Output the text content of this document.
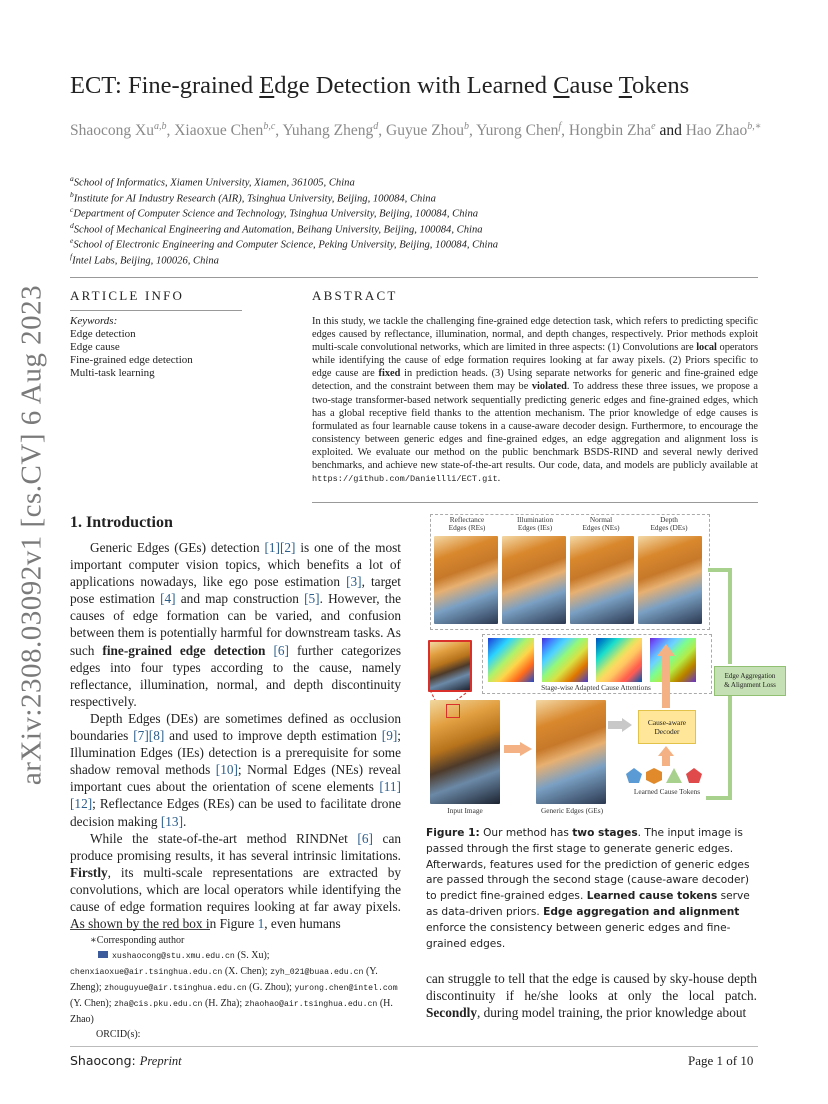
arXiv:2308.03092v1 [cs.CV] 6 Aug 2023
ECT: Fine-grained Edge Detection with Learned Cause Tokens
Shaocong Xu$^{a,b}$, Xiaoxue Chen$^{b,c}$, Yuhang Zheng$^d$, Guyue Zhou$^b$, Yurong Chen$^f$, Hongbin Zha$^e$ and Hao Zhao$^{b,∗}$
$^a$School of Informatics, Xiamen University, Xiamen, 361005, China
$^b$Institute for AI Industry Research (AIR), Tsinghua University, Beijing, 100084, China
$^c$Department of Computer Science and Technology, Tsinghua University, Beijing, 100084, China
$^d$School of Mechanical Engineering and Automation, Beihang University, Beijing, 100084, China
$^e$School of Electronic Engineering and Computer Science, Peking University, Beijing, 100084, China
$^f$Intel Labs, Beijing, 100026, China
ARTICLE INFO
Keywords:
Edge detection
Edge cause
Fine-grained edge detection
Multi-task learning
ABSTRACT
In this study, we tackle the challenging fine-grained edge detection task, which refers to predicting specific edges caused by reflectance, illumination, normal, and depth changes, respectively. Prior methods exploit multi-scale convolutional networks, which are limited in three aspects: (1) Convolutions are local operators while identifying the cause of edge formation requires looking at far away pixels. (2) Priors specific to edge cause are fixed in prediction heads. (3) Using separate networks for generic and fine-grained edge detection, and the constraint between them may be violated. To address these three issues, we propose a two-stage transformer-based network sequentially predicting generic edges and fine-grained edges, which has a global receptive field thanks to the attention mechanism. The prior knowledge of edge causes is formulated as four learnable cause tokens in a cause-aware decoder design. Furthermore, to encourage the consistency between generic edges and fine-grained edges, an edge aggregation and alignment loss is exploited. We evaluate our method on the public benchmark BSDS-RIND and several newly derived benchmarks, and achieve new state-of-the-art results. Our code, data, and models are publicly available at https://github.com/Daniellli/ECT.git.
1. Introduction

Generic Edges (GEs) detection [1][2] is one of the most important computer vision topics, which benefits a lot of applications nowadays, like ego pose estimation [3], target pose estimation [4] and map construction [5]. However, the causes of edge formation can be varied, and confusion between them is potentially harmful for downstream tasks. As such fine-grained edge detection [6] further categorizes edges into four types according to the cause, namely reflectance, illumination, normal, and depth discontinuity respectively.

Depth Edges (DEs) are sometimes defined as occlusion boundaries [7][8] and used to improve depth estimation [9]; Illumination Edges (IEs) detection is a prerequisite for some shadow removal methods [10]; Normal Edges (NEs) reveal important cues about the orientation of scene elements [11][12]; Reflectance Edges (REs) can be used to facilitate drone decision making [13].

While the state-of-the-art method RINDNet [6] can produce promising results, it has several intrinsic limitations. Firstly, its multi-scale representations are extracted by convolutions, which are local operators while identifying the cause of edge formation requires looking at far away pixels. As shown by the red box in Figure 1, even humans

∗Corresponding author
xushaocong@stu.xmu.edu.cn (S. Xu);
chenxiaoxue@air.tsinghua.edu.cn (X. Chen); zyh_021@buaa.edu.cn (Y. Zheng); zhouguyue@air.tsinghua.edu.cn (G. Zhou); yurong.chen@intel.com (Y. Chen); zha@cis.pku.edu.cn (H. Zha); zhaohao@air.tsinghua.edu.cn (H. Zhao)
ORCID(s):
Reflectance
Edges (REs)
Illumination
Edges (IEs)
Normal
Edges (NEs)
Depth
Edges (DEs)
Stage-wise Adapted Cause Attentions
Input Image	Generic Edges (GEs)
Cause-aware
Decoder
Learned Cause Tokens
Edge Aggregation
& Alignment Loss
Figure 1: Our method has two stages. The input image is passed through the first stage to generate generic edges. Afterwards, features used for the prediction of generic edges are passed through the second stage (cause-aware decoder) to predict fine-grained edges. Learned cause tokens serve as data-driven priors. Edge aggregation and alignment enforce the consistency between generic edges and fine-grained edges.
can struggle to tell that the edge is caused by sky-house depth discontinuity if he/she looks at only the local patch. Secondly, during model training, the prior knowledge about
Shaocong: Preprint	Page 1 of 10
